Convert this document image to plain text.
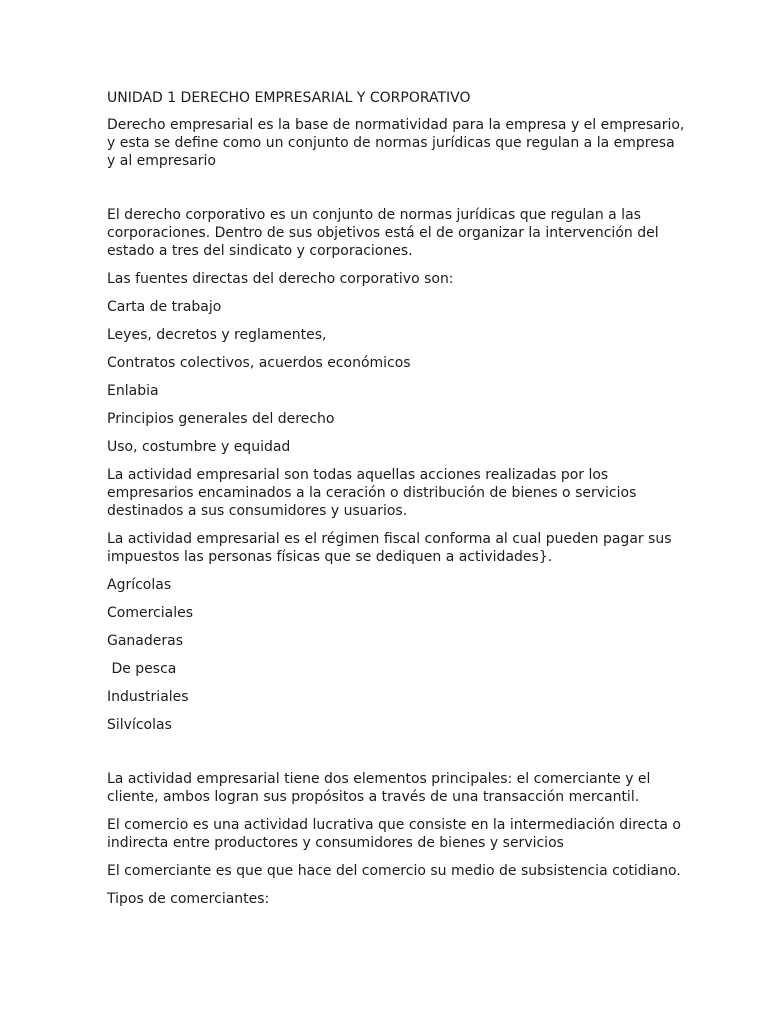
UNIDAD 1 DERECHO EMPRESARIAL Y CORPORATIVO

Derecho empresarial es la base de normatividad para la empresa y el empresario, y esta se define como un conjunto de normas jurídicas que regulan a la empresa y al empresario

El derecho corporativo es un conjunto de normas jurídicas que regulan a las corporaciones. Dentro de sus objetivos está el de organizar la intervención del estado a tres del sindicato y corporaciones.

Las fuentes directas del derecho corporativo son:

Carta de trabajo

Leyes, decretos y reglamentes,

Contratos colectivos, acuerdos económicos

Enlabia

Principios generales del derecho

Uso, costumbre y equidad

La actividad empresarial son todas aquellas acciones realizadas por los empresarios encaminados a la ceración o distribución de bienes o servicios destinados a sus consumidores y usuarios.

La actividad empresarial es el régimen fiscal conforma al cual pueden pagar sus impuestos las personas físicas que se dediquen a actividades}.

Agrícolas

Comerciales

Ganaderas

De pesca

Industriales

Silvícolas

La actividad empresarial tiene dos elementos principales: el comerciante y el cliente, ambos logran sus propósitos a través de una transacción mercantil.

El comercio es una actividad lucrativa que consiste en la intermediación directa o indirecta entre productores y consumidores de bienes y servicios

El comerciante es que que hace del comercio su medio de subsistencia cotidiano.

Tipos de comerciantes:
